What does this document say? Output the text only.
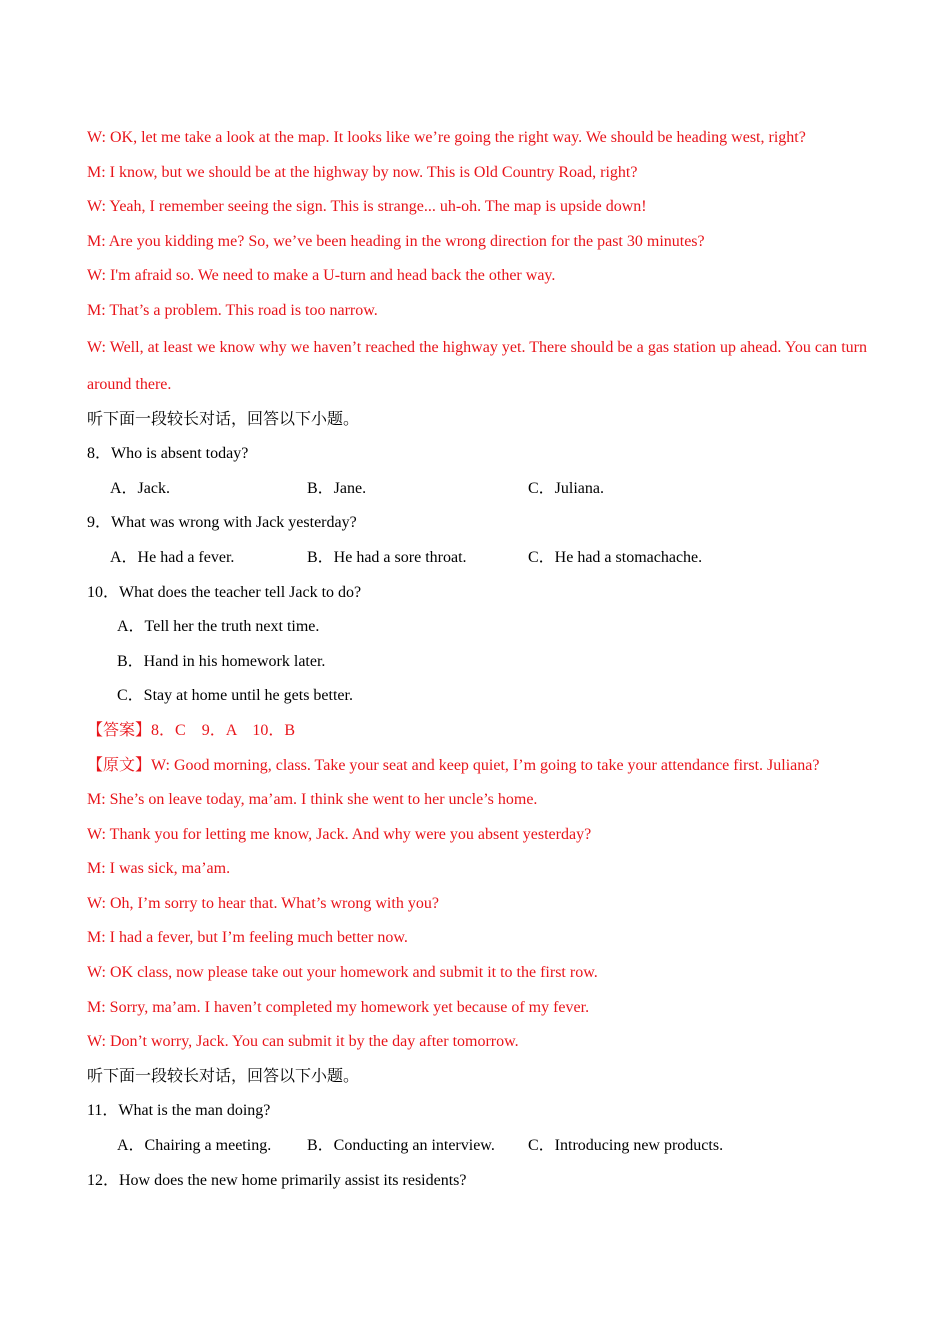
W: OK, let me take a look at the map. It looks like we’re going the right way. We should be heading west, right?
M: I know, but we should be at the highway by now. This is Old Country Road, right?
W: Yeah, I remember seeing the sign. This is strange... uh-oh. The map is upside down!
M: Are you kidding me? So, we’ve been heading in the wrong direction for the past 30 minutes?
W: I'm afraid so. We need to make a U-turn and head back the other way.
M: That’s a problem. This road is too narrow.
W: Well, at least we know why we haven’t reached the highway yet. There should be a gas station up ahead. You can turn around there.
听下面一段较长对话，回答以下小题。
8．Who is absent today?
A．Jack.	B．Jane.	C．Juliana.
9．What was wrong with Jack yesterday?
A．He had a fever.	B．He had a sore throat.	C．He had a stomachache.
10．What does the teacher tell Jack to do?
A．Tell her the truth next time.
B．Hand in his homework later.
C．Stay at home until he gets better.
【答案】8．C　9．A　10．B
【原文】W: Good morning, class. Take your seat and keep quiet, I’m going to take your attendance first. Juliana?
M: She’s on leave today, ma’am. I think she went to her uncle’s home.
W: Thank you for letting me know, Jack. And why were you absent yesterday?
M: I was sick, ma’am.
W: Oh, I’m sorry to hear that. What’s wrong with you?
M: I had a fever, but I’m feeling much better now.
W: OK class, now please take out your homework and submit it to the first row.
M: Sorry, ma’am. I haven’t completed my homework yet because of my fever.
W: Don’t worry, Jack. You can submit it by the day after tomorrow.
听下面一段较长对话，回答以下小题。
11．What is the man doing?
A．Chairing a meeting.	B．Conducting an interview.	C．Introducing new products.
12．How does the new home primarily assist its residents?
